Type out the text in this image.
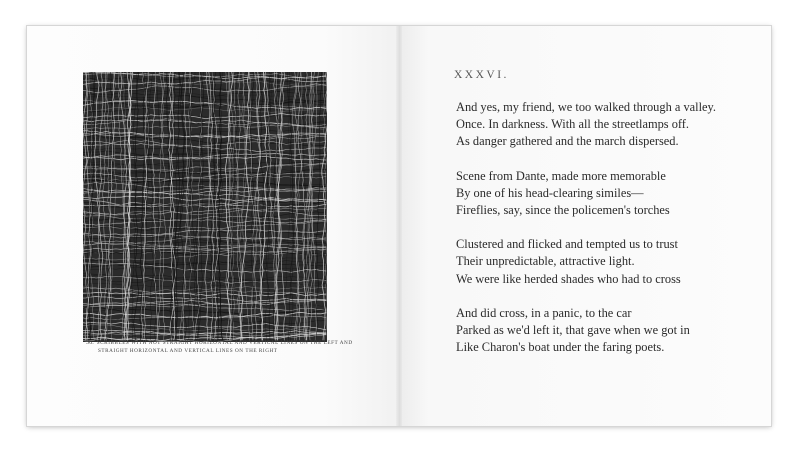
36. SCRIBBLES WITH NOT STRAIGHT HORIZONTAL AND VERTICAL LINES ON THE LEFT AND
STRAIGHT HORIZONTAL AND VERTICAL LINES ON THE RIGHT
XXXVI.
And yes, my friend, we too walked through a valley.
Once. In darkness. With all the streetlamps off.
As danger gathered and the march dispersed.
Scene from Dante, made more memorable
By one of his head-clearing similes—
Fireflies, say, since the policemen's torches
Clustered and flicked and tempted us to trust
Their unpredictable, attractive light.
We were like herded shades who had to cross
And did cross, in a panic, to the car
Parked as we'd left it, that gave when we got in
Like Charon's boat under the faring poets.
